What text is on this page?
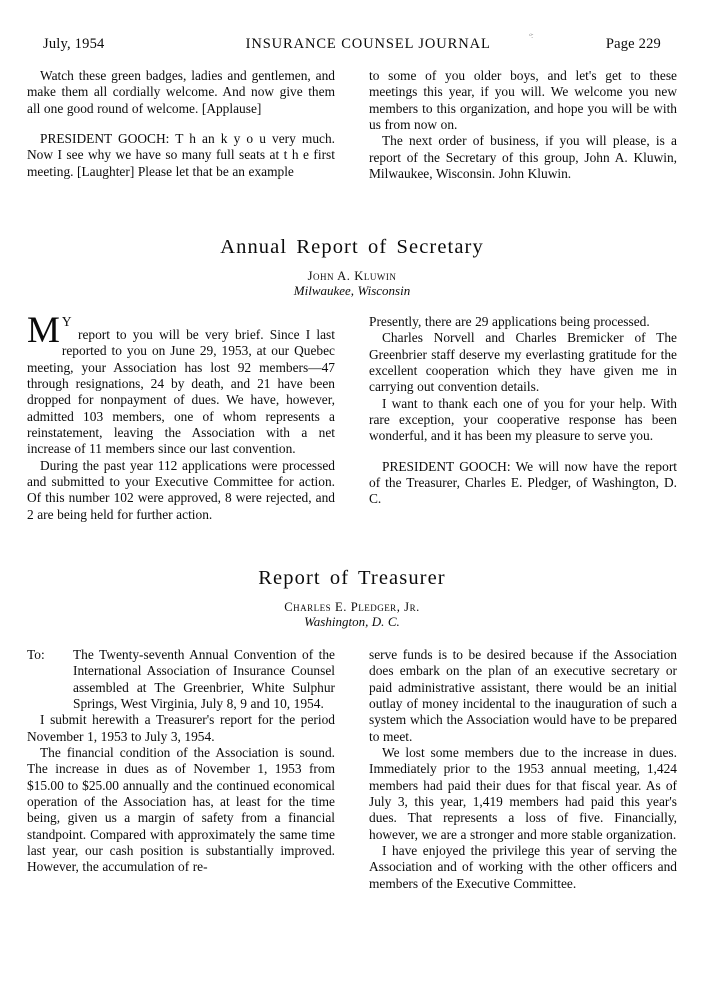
July, 1954	INSURANCE COUNSEL JOURNAL	Page 229
ᵒː

Watch these green badges, ladies and gentlemen, and make them all cordially welcome. And now give them all one good round of welcome. [Applause]

PRESIDENT GOOCH: T h an k y o u very much. Now I see why we have so many full seats at t h e first meeting. [Laughter] Please let that be an example

to some of you older boys, and let's get to these meetings this year, if you will. We welcome you new members to this organization, and hope you will be with us from now on.

The next order of business, if you will please, is a report of the Secretary of this group, John A. Kluwin, Milwaukee, Wisconsin. John Kluwin.

Annual Report of Secretary

John A. Kluwin

Milwaukee, Wisconsin

M Y report to you will be very brief. Since I last reported to you on June 29, 1953, at our Quebec meeting, your Association has lost 92 members—47 through resignations, 24 by death, and 21 have been dropped for nonpayment of dues. We have, however, admitted 103 members, one of whom represents a reinstatement, leaving the Association with a net increase of 11 members since our last convention.

During the past year 112 applications were processed and submitted to your Executive Committee for action. Of this number 102 were approved, 8 were rejected, and 2 are being held for further action.

Presently, there are 29 applications being processed.

Charles Norvell and Charles Bremicker of The Greenbrier staff deserve my everlasting gratitude for the excellent cooperation which they have given me in carrying out convention details.

I want to thank each one of you for your help. With rare exception, your cooperative response has been wonderful, and it has been my pleasure to serve you.

PRESIDENT GOOCH: We will now have the report of the Treasurer, Charles E. Pledger, of Washington, D. C.

Report of Treasurer

Charles E. Pledger, Jr.

Washington, D. C.

To: The Twenty-seventh Annual Convention of the International Association of Insurance Counsel assembled at The Greenbrier, White Sulphur Springs, West Virginia, July 8, 9 and 10, 1954.

I submit herewith a Treasurer's report for the period November 1, 1953 to July 3, 1954.

The financial condition of the Association is sound. The increase in dues as of November 1, 1953 from $15.00 to $25.00 annually and the continued economical operation of the Association has, at least for the time being, given us a margin of safety from a financial standpoint. Compared with approximately the same time last year, our cash position is substantially improved. However, the accumulation of re-

serve funds is to be desired because if the Association does embark on the plan of an executive secretary or paid administrative assistant, there would be an initial outlay of money incidental to the inauguration of such a system which the Association would have to be prepared to meet.

We lost some members due to the increase in dues. Immediately prior to the 1953 annual meeting, 1,424 members had paid their dues for that fiscal year. As of July 3, this year, 1,419 members had paid this year's dues. That represents a loss of five. Financially, however, we are a stronger and more stable organization.

I have enjoyed the privilege this year of serving the Association and of working with the other officers and members of the Executive Committee.
